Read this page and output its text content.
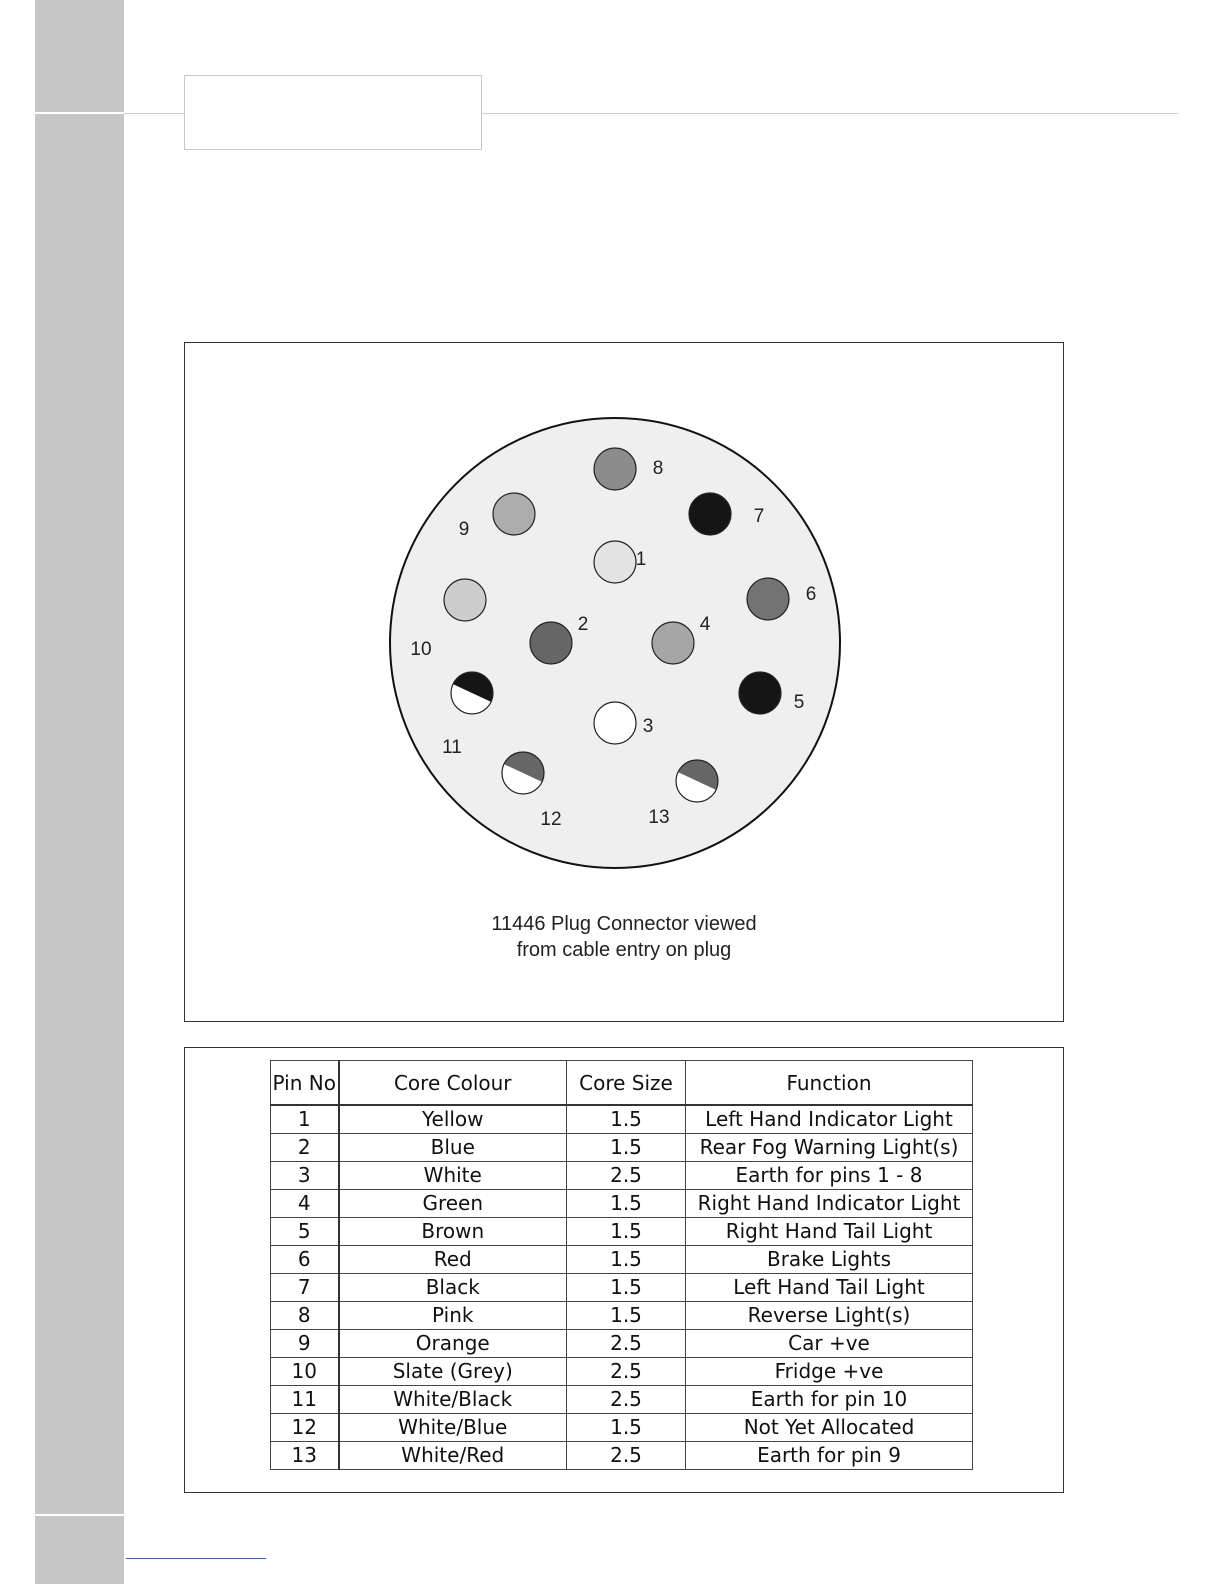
8
7
9
1
6
10
2	4
5
11
3
12	13
11446 Plug Connector viewed
from cable entry on plug
Pin No	Core Colour	Core Size	Function
1	Yellow	1.5	Left Hand Indicator Light
2	Blue	1.5	Rear Fog Warning Light(s)
3	White	2.5	Earth for pins 1 - 8
4	Green	1.5	Right Hand Indicator Light
5	Brown	1.5	Right Hand Tail Light
6	Red	1.5	Brake Lights
7	Black	1.5	Left Hand Tail Light
8	Pink	1.5	Reverse Light(s)
9	Orange	2.5	Car +ve
10	Slate (Grey)	2.5	Fridge +ve
11	White/Black	2.5	Earth for pin 10
12	White/Blue	1.5	Not Yet Allocated
13	White/Red	2.5	Earth for pin 9
